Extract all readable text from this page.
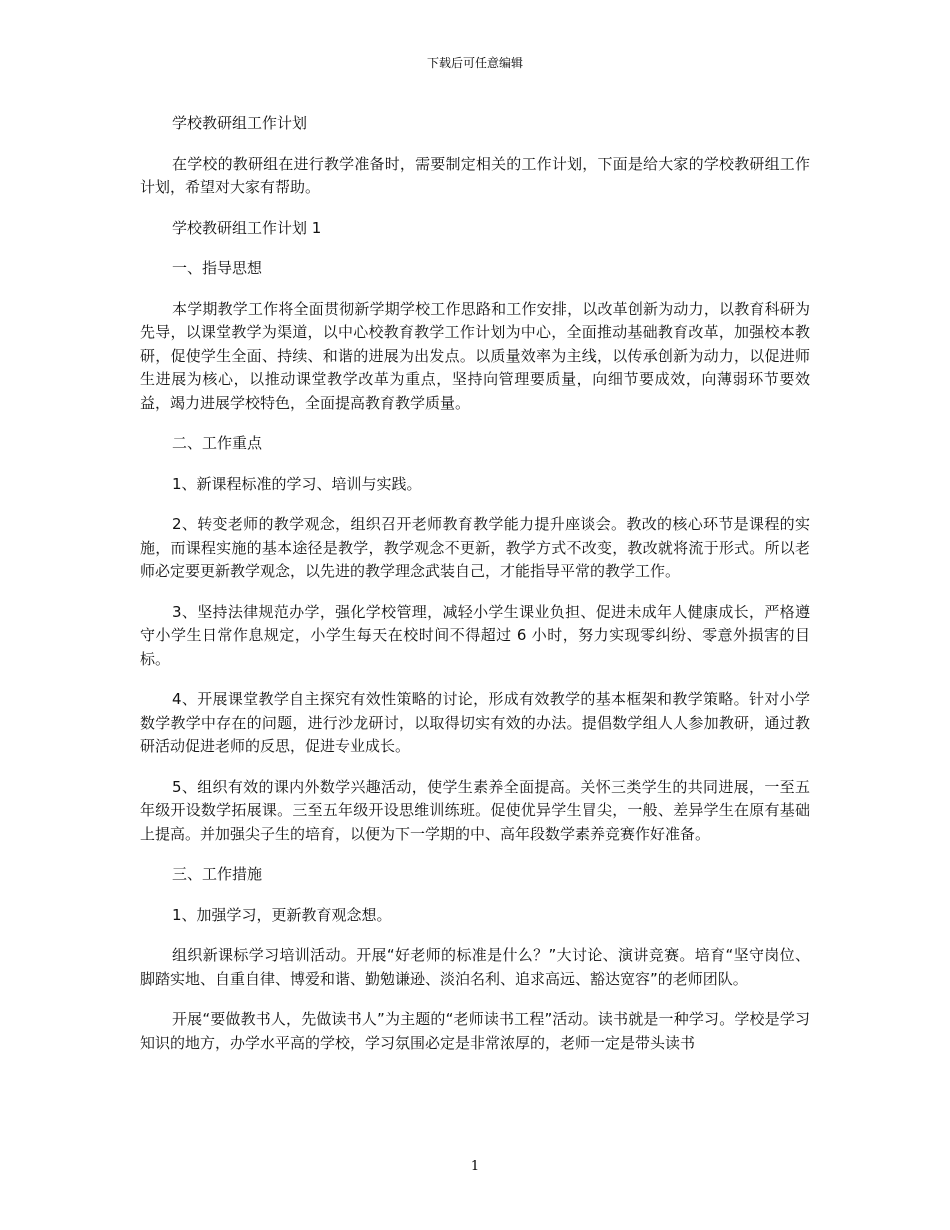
下载后可任意编辑

学校教研组工作计划

在学校的教研组在进行教学准备时，需要制定相关的工作计划，下面是给大家的学校教研组工作计划，希望对大家有帮助。

学校教研组工作计划 1

一、指导思想

本学期教学工作将全面贯彻新学期学校工作思路和工作安排，以改革创新为动力，以教育科研为先导，以课堂教学为渠道，以中心校教育教学工作计划为中心，全面推动基础教育改革，加强校本教研，促使学生全面、持续、和谐的进展为出发点。以质量效率为主线，以传承创新为动力，以促进师生进展为核心，以推动课堂教学改革为重点，坚持向管理要质量，向细节要成效，向薄弱环节要效益，竭力进展学校特色，全面提高教育教学质量。

二、工作重点

1、新课程标准的学习、培训与实践。

2、转变老师的教学观念，组织召开老师教育教学能力提升座谈会。教改的核心环节是课程的实施，而课程实施的基本途径是教学，教学观念不更新，教学方式不改变，教改就将流于形式。所以老师必定要更新教学观念，以先进的教学理念武装自己，才能指导平常的教学工作。

3、坚持法律规范办学，强化学校管理，减轻小学生课业负担、促进未成年人健康成长，严格遵守小学生日常作息规定，小学生每天在校时间不得超过 6 小时，努力实现零纠纷、零意外损害的目标。

4、开展课堂教学自主探究有效性策略的讨论，形成有效教学的基本框架和教学策略。针对小学数学教学中存在的问题，进行沙龙研讨，以取得切实有效的办法。提倡数学组人人参加教研，通过教研活动促进老师的反思，促进专业成长。

5、组织有效的课内外数学兴趣活动，使学生素养全面提高。关怀三类学生的共同进展，一至五年级开设数学拓展课。三至五年级开设思维训练班。促使优异学生冒尖，一般、差异学生在原有基础上提高。并加强尖子生的培育，以便为下一学期的中、高年段数学素养竞赛作好准备。

三、工作措施

1、加强学习，更新教育观念想。

组织新课标学习培训活动。开展“好老师的标准是什么？”大讨论、演讲竞赛。培育“坚守岗位、脚踏实地、自重自律、博爱和谐、勤勉谦逊、淡泊名利、追求高远、豁达宽容”的老师团队。

开展“要做教书人，先做读书人”为主题的“老师读书工程”活动。读书就是一种学习。学校是学习知识的地方，办学水平高的学校，学习氛围必定是非常浓厚的，老师一定是带头读书

1
